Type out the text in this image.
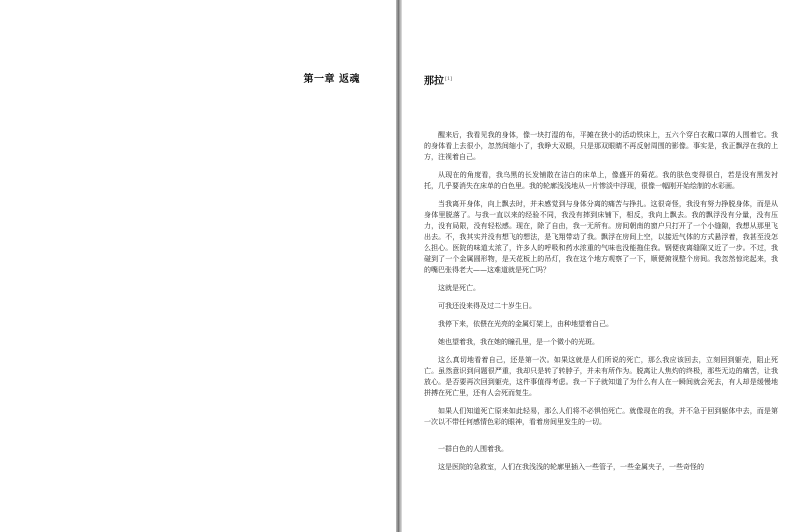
第一章 返魂	那拉[1]

醒来后，我看见我的身体，像一块打湿的布，平摊在狭小的活动铁床上，五六个穿白衣戴口罩的人围着它。我的身体看上去很小，忽然间缩小了，我睁大双眼，只是那双眼睛不再反射周围的影像。事实是，我正飘浮在我的上方，注视着自己。

从现在的角度看，我乌黑的长发铺散在洁白的床单上，像盛开的菊花。我的肤色变得很白，若是没有黑发衬托，几乎要消失在床单的白色里。我的轮廓浅浅地从一片惨淡中浮现，很像一幅刚开始绘制的水彩画。

当我离开身体，向上飘去时，并未感觉到与身体分离的痛苦与挣扎。这很奇怪，我没有努力挣脱身体，而是从身体里脱落了。与我一直以来的经验不同，我没有摔到床铺下，相反，我向上飘去。我的飘浮没有分量，没有压力，没有局限，没有轻松感。现在，除了自由，我一无所有。房间朝南的窗户只打开了一个小缝隙，我想从那里飞出去。不，我其实并没有想飞的想法，是飞翔带动了我。飘浮在房间上空，以接近气体的方式悬浮着，我甚至没怎么担心。医院的味道太浓了，许多人的呼吸和药水浓重的气味也没能拖住我。钢便夜离缝隙又近了一步。不过，我碰到了一个金属圆形物，是天花板上的吊灯，我在这个地方观察了一下，顺便俯视整个房间。我忽然惊诧起来，我的嘴巴张得老大——这难道就是死亡吗？

这就是死亡。

可我还没来得及过二十岁生日。

我停下来，依偎在光亮的金属灯架上，由种地望着自己。

她也望着我，我在她的瞳孔里，是一个微小的光斑。

这么真切地看着自己，还是第一次。如果这就是人们所说的死亡，那么我应该回去，立刻回到躯壳，阻止死亡。虽然意识到问题很严重，我却只是转了转脖子，并未有所作为。脱离让人焦灼的终极，那些无边的痛苦，让我放心。是否要再次回到躯壳，这件事值得考虑。我一下子就知道了为什么有人在一瞬间就会死去，有人却是缓慢地拼搏在死亡里，还有人会死而复生。

如果人们知道死亡原来如此轻易，那么人们将不必惧怕死亡。就像现在的我，并不急于回到躯体中去，而是第一次以不带任何感情色彩的眼神，看着房间里发生的一切。

一群白色的人围着我。

这是医院的急救室，人们在我浅浅的轮廓里插入一些管子，一些金属夹子，一些奇怪的
